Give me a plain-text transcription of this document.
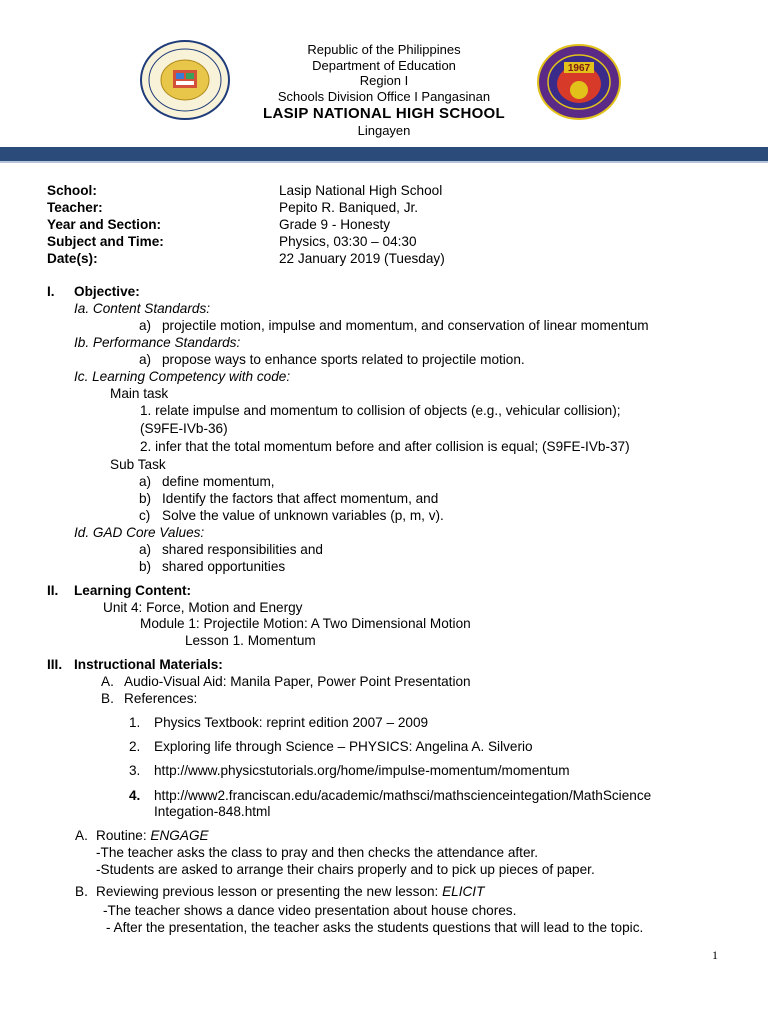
1967
Republic of the Philippines
Department of Education
Region I
Schools Division Office I Pangasinan
LASIP NATIONAL HIGH SCHOOL
Lingayen
School:	Lasip National High School
Teacher:	Pepito R. Baniqued, Jr.
Year and Section:	Grade 9 - Honesty
Subject and Time:	Physics, 03:30 – 04:30
Date(s):	22 January 2019 (Tuesday)
I. Objective:
Ia. Content Standards:
a) projectile motion, impulse and momentum, and conservation of linear momentum
Ib. Performance Standards:
a) propose ways to enhance sports related to projectile motion.
Ic. Learning Competency with code:
Main task
1. relate impulse and momentum to collision of objects (e.g., vehicular collision);
(S9FE-IVb-36)
2. infer that the total momentum before and after collision is equal; (S9FE-IVb-37)
Sub Task
a) define momentum,
b) Identify the factors that affect momentum, and
c) Solve the value of unknown variables (p, m, v).
Id. GAD Core Values:
a) shared responsibilities and
b) shared opportunities
II. Learning Content:
Unit 4: Force, Motion and Energy
Module 1: Projectile Motion: A Two Dimensional Motion
Lesson 1. Momentum
III. Instructional Materials:
A. Audio-Visual Aid: Manila Paper, Power Point Presentation
B. References:
1. Physics Textbook: reprint edition 2007 – 2009
2. Exploring life through Science – PHYSICS: Angelina A. Silverio
3. http://www.physicstutorials.org/home/impulse-momentum/momentum
4. http://www2.franciscan.edu/academic/mathsci/mathscienceintegation/MathScience
Integation-848.html
A. Routine: ENGAGE
-The teacher asks the class to pray and then checks the attendance after.
-Students are asked to arrange their chairs properly and to pick up pieces of paper.
B. Reviewing previous lesson or presenting the new lesson: ELICIT
-The teacher shows a dance video presentation about house chores.
- After the presentation, the teacher asks the students questions that will lead to the topic.
1
